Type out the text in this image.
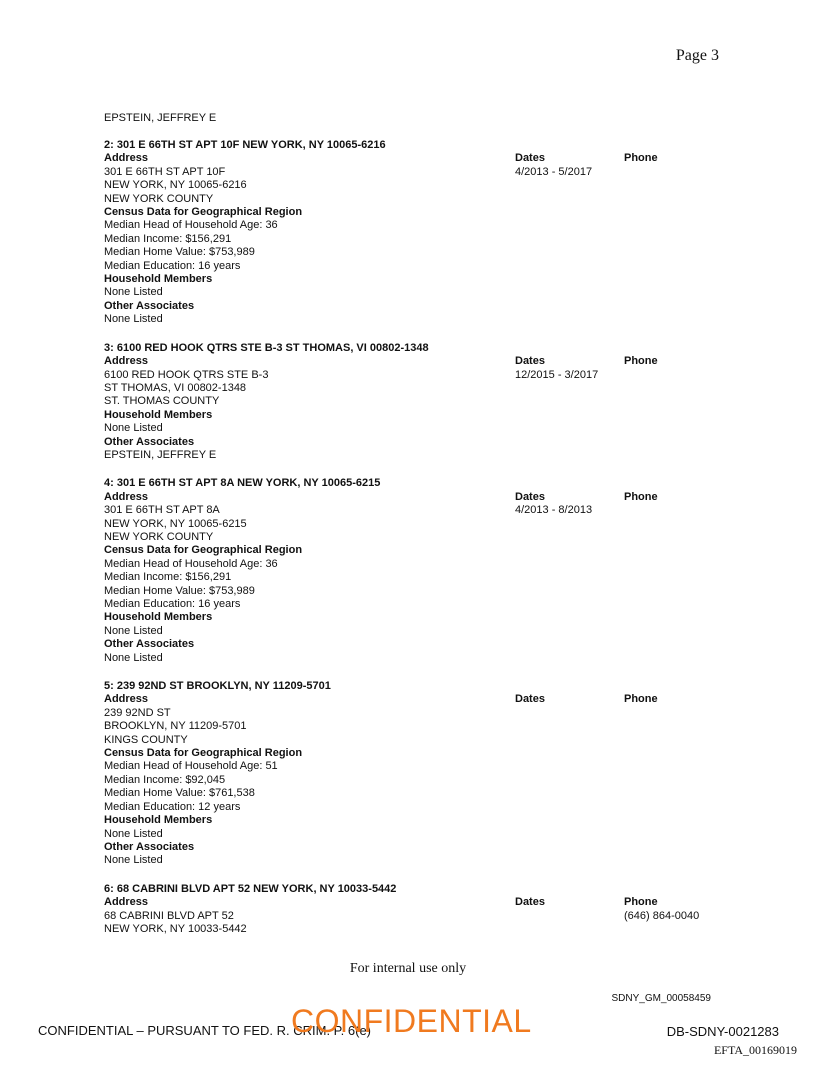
Page 3
EPSTEIN, JEFFREY E
2: 301 E 66TH ST APT 10F NEW YORK, NY 10065-6216
Address
301 E 66TH ST APT 10F
NEW YORK, NY 10065-6216
NEW YORK COUNTY
Census Data for Geographical Region
Median Head of Household Age: 36
Median Income: $156,291
Median Home Value: $753,989
Median Education: 16 years
Household Members
None Listed
Other Associates
None Listed
Dates
4/2013 - 5/2017
Phone
3: 6100 RED HOOK QTRS STE B-3 ST THOMAS, VI 00802-1348
Address
6100 RED HOOK QTRS STE B-3
ST THOMAS, VI 00802-1348
ST. THOMAS COUNTY
Household Members
None Listed
Other Associates
EPSTEIN, JEFFREY E
Dates
12/2015 - 3/2017
Phone
4: 301 E 66TH ST APT 8A NEW YORK, NY 10065-6215
Address
301 E 66TH ST APT 8A
NEW YORK, NY 10065-6215
NEW YORK COUNTY
Census Data for Geographical Region
Median Head of Household Age: 36
Median Income: $156,291
Median Home Value: $753,989
Median Education: 16 years
Household Members
None Listed
Other Associates
None Listed
Dates
4/2013 - 8/2013
Phone
5: 239 92ND ST BROOKLYN, NY 11209-5701
Address
239 92ND ST
BROOKLYN, NY 11209-5701
KINGS COUNTY
Census Data for Geographical Region
Median Head of Household Age: 51
Median Income: $92,045
Median Home Value: $761,538
Median Education: 12 years
Household Members
None Listed
Other Associates
None Listed
Dates	Phone
6: 68 CABRINI BLVD APT 52 NEW YORK, NY 10033-5442
Address
68 CABRINI BLVD APT 52
NEW YORK, NY 10033-5442
Dates	Phone
(646) 864-0040
For internal use only
SDNY_GM_00058459
CONFIDENTIAL – PURSUANT TO FED. R. CRIM. P. 6(e)
CONFIDENTIAL	DB-SDNY-0021283
EFTA_00169019
